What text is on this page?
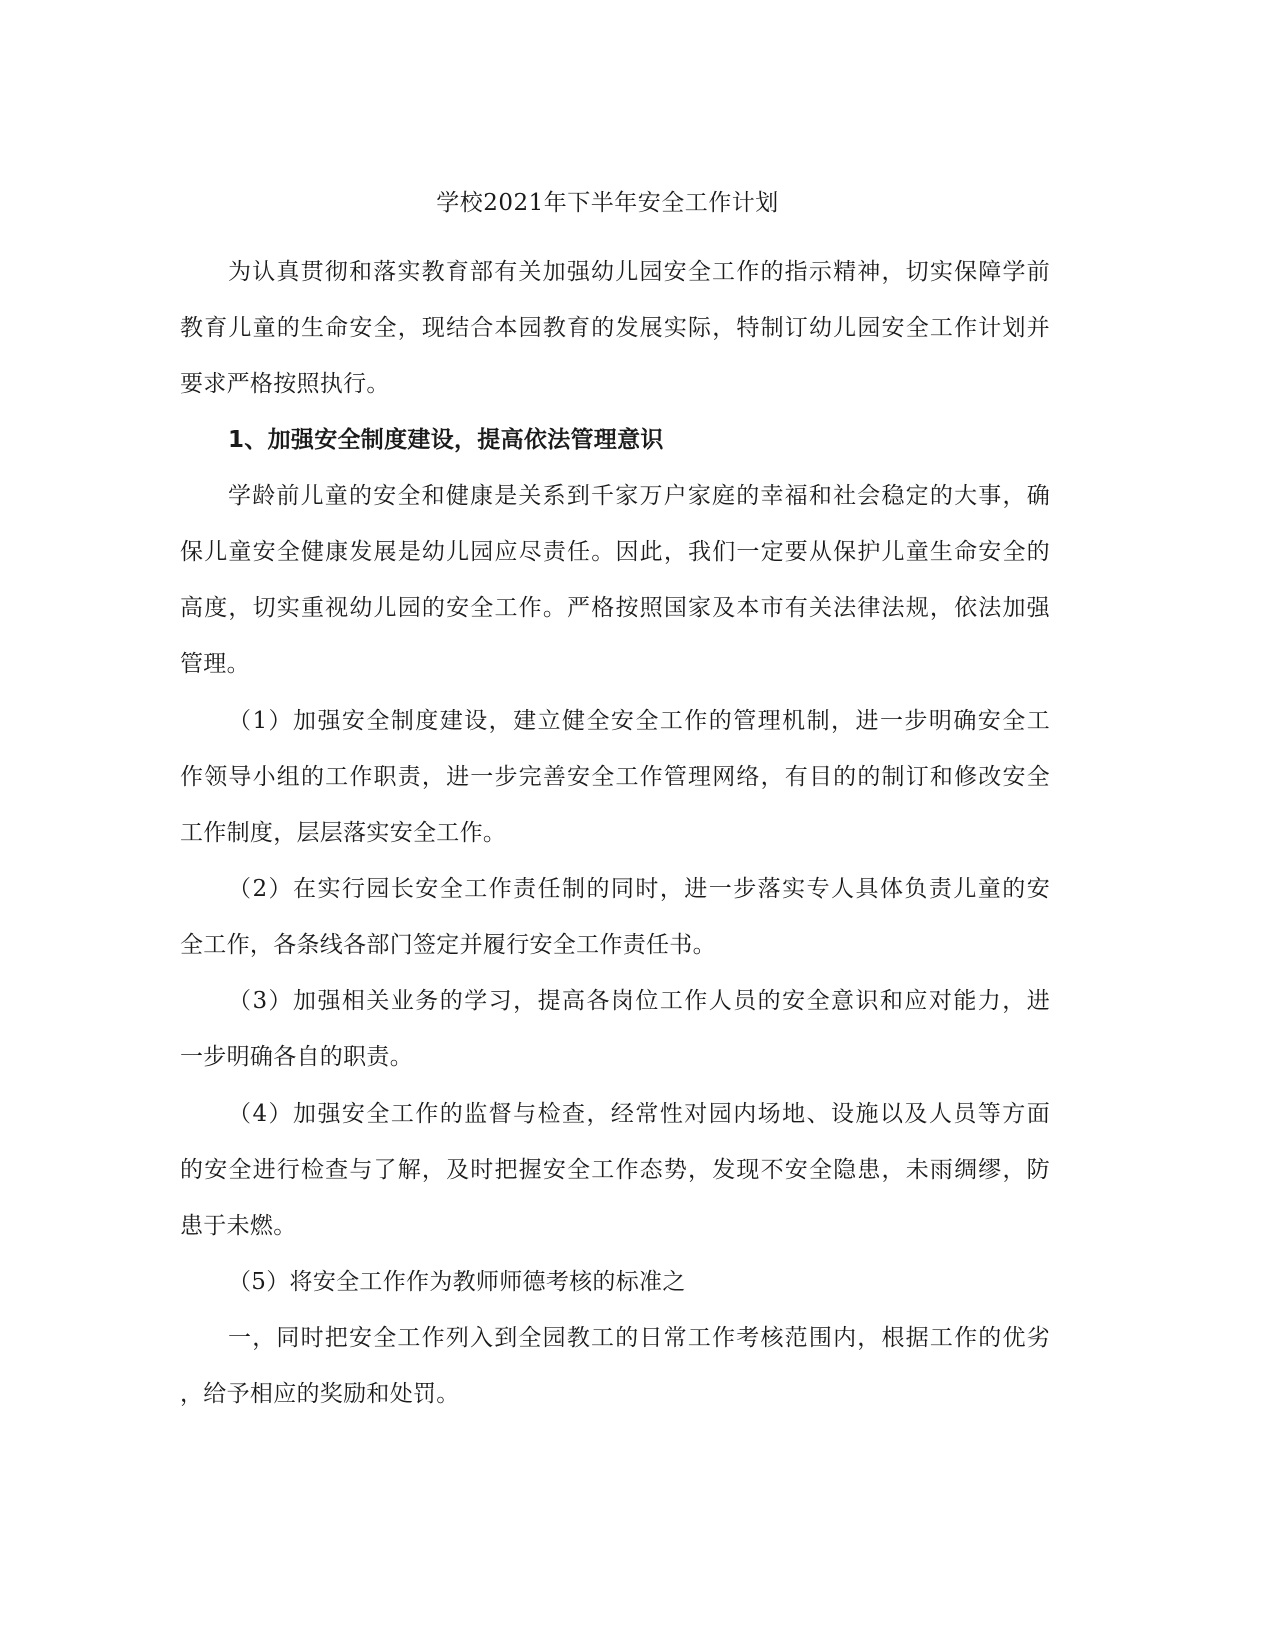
学校2021年下半年安全工作计划
为认真贯彻和落实教育部有关加强幼儿园安全工作的指示精神，切实保障学前
教育儿童的生命安全，现结合本园教育的发展实际，特制订幼儿园安全工作计划并
要求严格按照执行。
1、加强安全制度建设，提高依法管理意识
学龄前儿童的安全和健康是关系到千家万户家庭的幸福和社会稳定的大事，确
保儿童安全健康发展是幼儿园应尽责任。因此，我们一定要从保护儿童生命安全的
高度，切实重视幼儿园的安全工作。严格按照国家及本市有关法律法规，依法加强
管理。
（1）加强安全制度建设，建立健全安全工作的管理机制，进一步明确安全工
作领导小组的工作职责，进一步完善安全工作管理网络，有目的的制订和修改安全
工作制度，层层落实安全工作。
（2）在实行园长安全工作责任制的同时，进一步落实专人具体负责儿童的安
全工作，各条线各部门签定并履行安全工作责任书。
（3）加强相关业务的学习，提高各岗位工作人员的安全意识和应对能力，进
一步明确各自的职责。
（4）加强安全工作的监督与检查，经常性对园内场地、设施以及人员等方面
的安全进行检查与了解，及时把握安全工作态势，发现不安全隐患，未雨绸缪，防
患于未燃。
（5）将安全工作作为教师师德考核的标准之
一，同时把安全工作列入到全园教工的日常工作考核范围内，根据工作的优劣
，给予相应的奖励和处罚。
